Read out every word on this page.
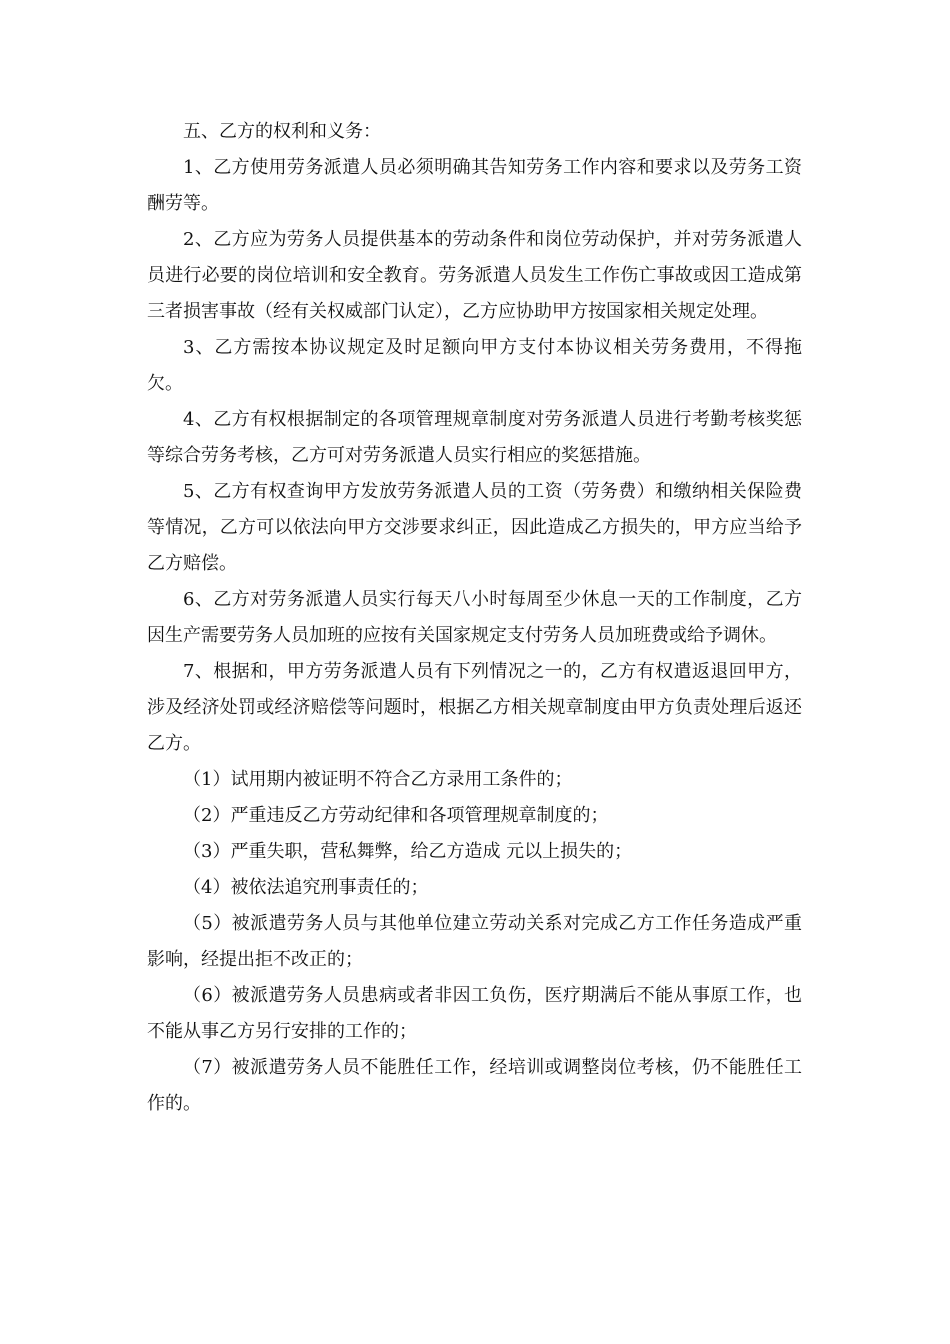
五、乙方的权利和义务：

1、乙方使用劳务派遣人员必须明确其告知劳务工作内容和要求以及劳务工资酬劳等。

2、乙方应为劳务人员提供基本的劳动条件和岗位劳动保护，并对劳务派遣人员进行必要的岗位培训和安全教育。劳务派遣人员发生工作伤亡事故或因工造成第三者损害事故（经有关权威部门认定），乙方应协助甲方按国家相关规定处理。

3、乙方需按本协议规定及时足额向甲方支付本协议相关劳务费用，不得拖欠。

4、乙方有权根据制定的各项管理规章制度对劳务派遣人员进行考勤考核奖惩等综合劳务考核，乙方可对劳务派遣人员实行相应的奖惩措施。

5、乙方有权查询甲方发放劳务派遣人员的工资（劳务费）和缴纳相关保险费等情况，乙方可以依法向甲方交涉要求纠正，因此造成乙方损失的，甲方应当给予乙方赔偿。

6、乙方对劳务派遣人员实行每天八小时每周至少休息一天的工作制度，乙方因生产需要劳务人员加班的应按有关国家规定支付劳务人员加班费或给予调休。

7、根据和，甲方劳务派遣人员有下列情况之一的，乙方有权遣返退回甲方，涉及经济处罚或经济赔偿等问题时，根据乙方相关规章制度由甲方负责处理后返还乙方。

（1）试用期内被证明不符合乙方录用工条件的；

（2）严重违反乙方劳动纪律和各项管理规章制度的；

（3）严重失职，营私舞弊，给乙方造成 元以上损失的；

（4）被依法追究刑事责任的；

（5）被派遣劳务人员与其他单位建立劳动关系对完成乙方工作任务造成严重影响，经提出拒不改正的；

（6）被派遣劳务人员患病或者非因工负伤，医疗期满后不能从事原工作，也不能从事乙方另行安排的工作的；

（7）被派遣劳务人员不能胜任工作，经培训或调整岗位考核，仍不能胜任工作的。
